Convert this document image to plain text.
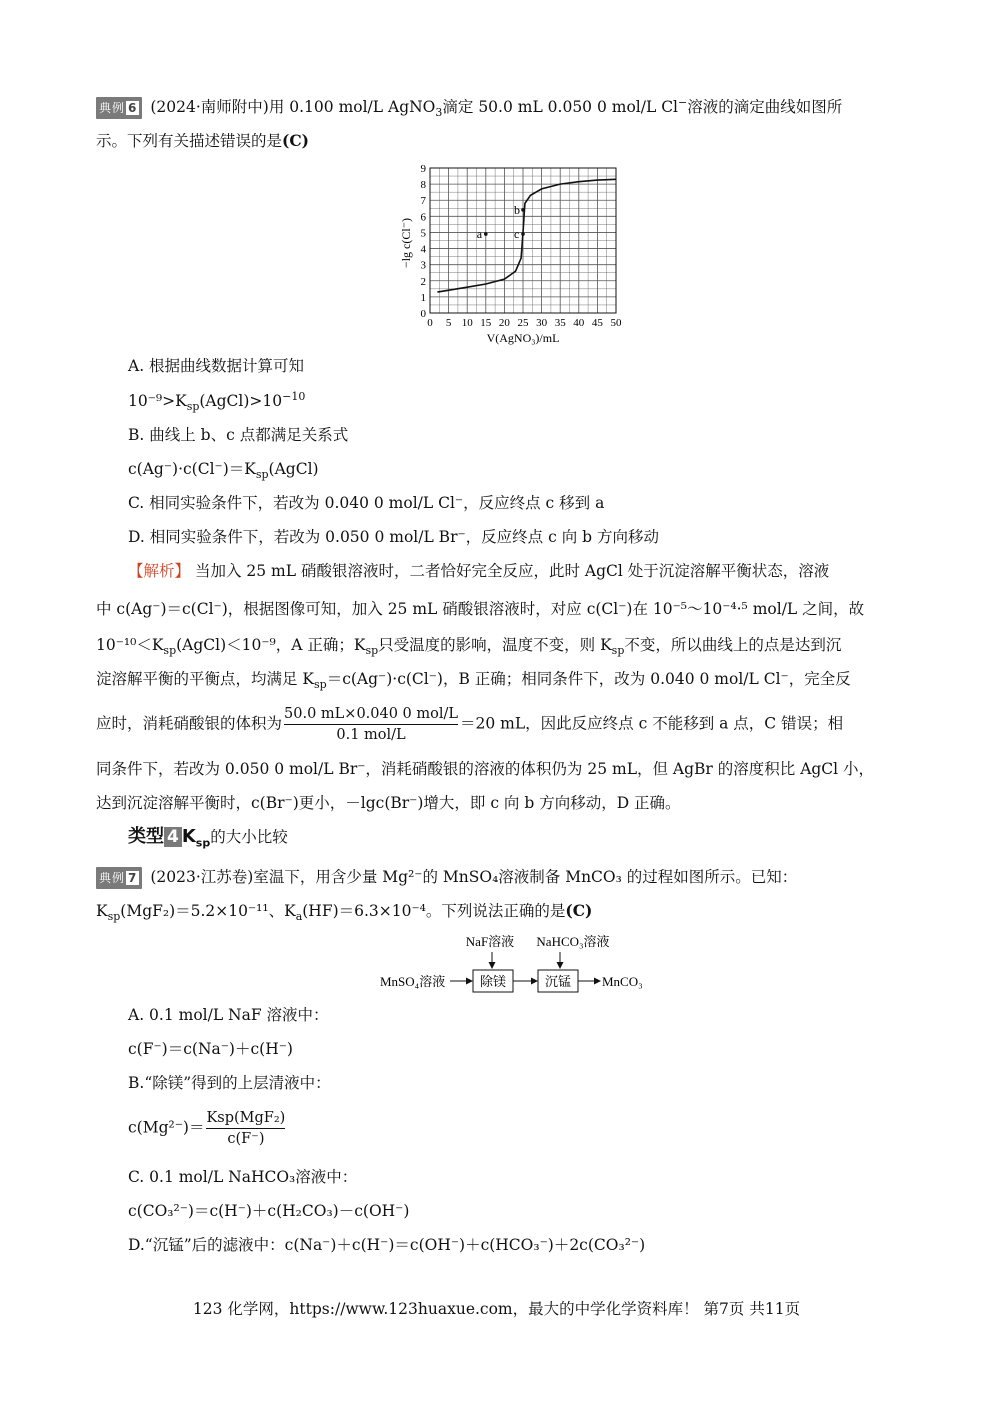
典例 6 (2024·南师附中)用 0.100 mol/L AgNO$_3$滴定 50.0 mL 0.050 0 mol/L Cl−溶液的滴定曲线如图所
示。下列有关描述错误的是(C)
0 5 10 15 20 25 30 35 40 45 50
0
1
2
3
4
5
6
7
8
9
a
b
c
−lg c(Cl⁻)
V(AgNO₃)/mL
A. 根据曲线数据计算可知
$10^{-9}>K_{sp}(AgCl)>10^{-10}$
B. 曲线上 b、c 点都满足关系式
$c(Ag^-)\cdot c(Cl^-)=K_{sp}(AgCl)$
C. 相同实验条件下，若改为 0.040 0 mol/L Cl⁻，反应终点 c 移到 a
D. 相同实验条件下，若改为 0.050 0 mol/L Br⁻，反应终点 c 向 b 方向移动
【解析】 当加入 25 mL 硝酸银溶液时，二者恰好完全反应，此时 AgCl 处于沉淀溶解平衡状态，溶液
中 c(Ag⁻)＝c(Cl⁻)，根据图像可知，加入 25 mL 硝酸银溶液时，对应 c(Cl⁻)在 10⁻⁵～10⁻⁴·⁵ mol/L 之间，故
$10^{-10}<K_{sp}(AgCl)<10^{-9}$，A 正确；$K_{sp}$只受温度的影响，温度不变，则 $K_{sp}$不变，所以曲线上的点是达到沉
淀溶解平衡的平衡点，均满足 $K_{sp}=c(Ag^-)\cdot c(Cl^-)$，B 正确；相同条件下，改为 0.040 0 mol/L Cl⁻，完全反
应时，消耗硝酸银的体积为 $\frac{\text{50.0 mL×0.040 0 mol/L}}{\text{0.1 mol/L}} =20$ mL，因此反应终点 c 不能移到 a 点，C 错误；相
同条件下，若改为 0.050 0 mol/L Br⁻，消耗硝酸银的溶液的体积仍为 25 mL，但 AgBr 的溶度积比 AgCl 小，
达到沉淀溶解平衡时，c(Br⁻)更小，－lgc(Br⁻)增大，即 c 向 b 方向移动，D 正确。
类型 4 $K_{sp}$的大小比较
典例 7 (2023·江苏卷)室温下，用含少量 Mg²⁻的 MnSO₄溶液制备 MnCO₃ 的过程如图所示。已知：
$K_{sp}(MgF_2)=5.2\times 10^{-11}$、$K_a(HF)=6.3\times 10^{-4}$。下列说法正确的是(C)
NaF溶液 NaHCO₃溶液
MnSO₄溶液	除镁	沉锰 MnCO₃
A. 0.1 mol/L NaF 溶液中：
c(F⁻)＝c(Na⁻)＋c(H⁻)
B.“除镁”得到的上层清液中：
$c(Mg^{2-})= \frac{\text{Ksp(MgF₂)}}{c(F^-)}$
C. 0.1 mol/L NaHCO₃溶液中：
c(CO₃²⁻)＝c(H⁻)＋c(H₂CO₃)－c(OH⁻)
D.“沉锰”后的滤液中：c(Na⁻)＋c(H⁻)＝c(OH⁻)＋c(HCO₃⁻)＋2c(CO₃²⁻)
123 化学网，https://www.123huaxue.com，最大的中学化学资料库！ 第7页 共11页
